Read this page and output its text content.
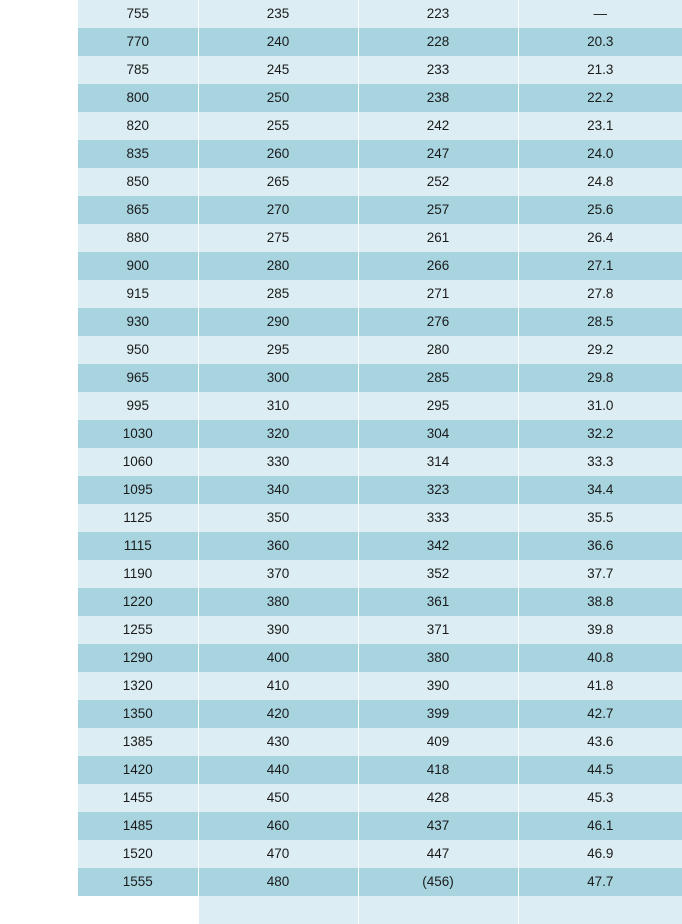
755	235	223	—
770	240	228	20.3
785	245	233	21.3
800	250	238	22.2
820	255	242	23.1
835	260	247	24.0
850	265	252	24.8
865	270	257	25.6
880	275	261	26.4
900	280	266	27.1
915	285	271	27.8
930	290	276	28.5
950	295	280	29.2
965	300	285	29.8
995	310	295	31.0
1030	320	304	32.2
1060	330	314	33.3
1095	340	323	34.4
1125	350	333	35.5
1115	360	342	36.6
1190	370	352	37.7
1220	380	361	38.8
1255	390	371	39.8
1290	400	380	40.8
1320	410	390	41.8
1350	420	399	42.7
1385	430	409	43.6
1420	440	418	44.5
1455	450	428	45.3
1485	460	437	46.1
1520	470	447	46.9
1555	480	(456)	47.7
